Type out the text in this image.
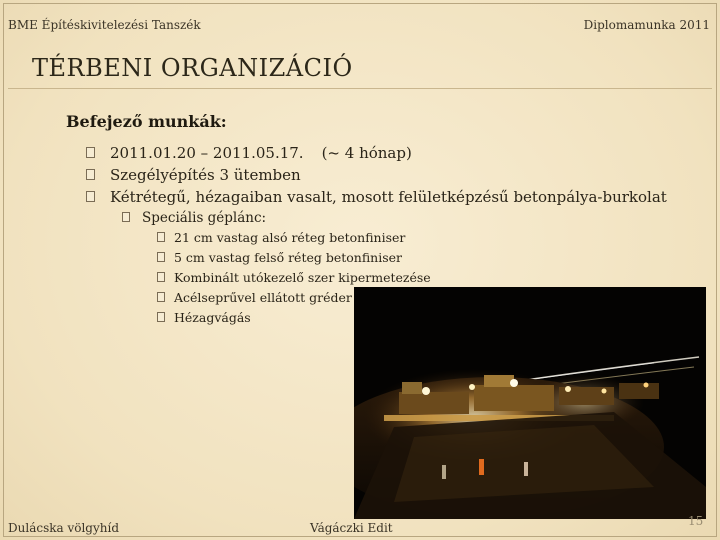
BME Építéskivitelezési Tanszék	Diplomamunka 2011
TÉRBENI ORGANIZÁCIÓ
Befejező munkák:
2011.01.20 – 2011.05.17. (~ 4 hónap)
Szegélyépítés 3 ütemben
Kétrétegű, hézagaiban vasalt, mosott felületképzésű betonpálya-burkolat
Speciális géplánc:
21 cm vastag alsó réteg betonfiniser
5 cm vastag felső réteg betonfiniser
Kombinált utókezelő szer kipermetezése
Acélseprűvel ellátott gréder
Hézagvágás
Dulácska völgyhíd	Vágáczki Edit	15
